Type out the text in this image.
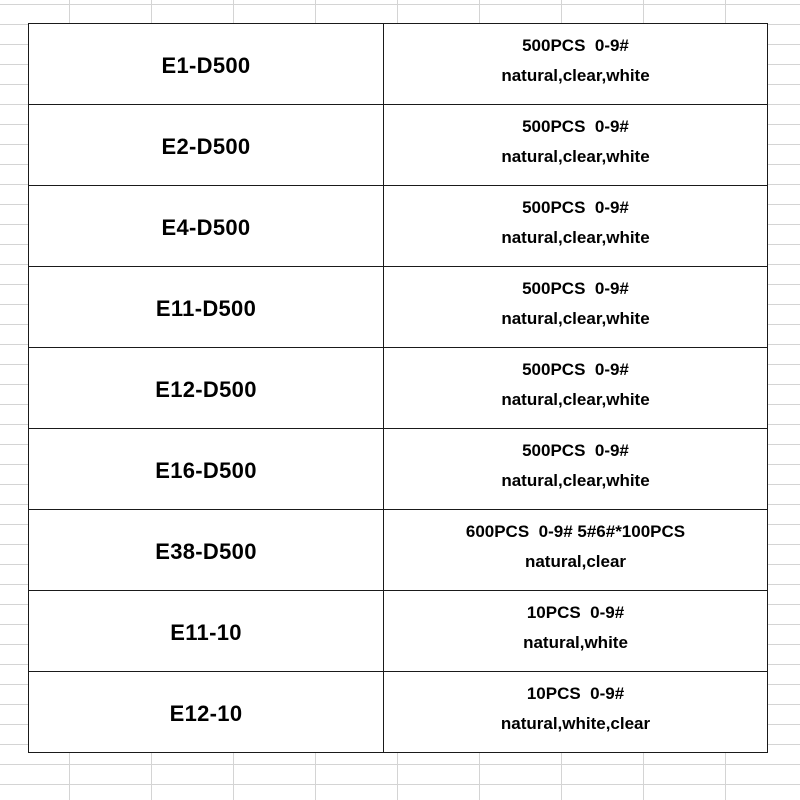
E1-D500	500PCS  0-9#
natural,clear,white

E2-D500	500PCS  0-9#
natural,clear,white

E4-D500	500PCS  0-9#
natural,clear,white

E11-D500	500PCS  0-9#
natural,clear,white

E12-D500	500PCS  0-9#
natural,clear,white

E16-D500	500PCS  0-9#
natural,clear,white

E38-D500	600PCS  0-9# 5#6#*100PCS
natural,clear

E11-10	10PCS  0-9#
natural,white

E12-10	10PCS  0-9#
natural,white,clear
